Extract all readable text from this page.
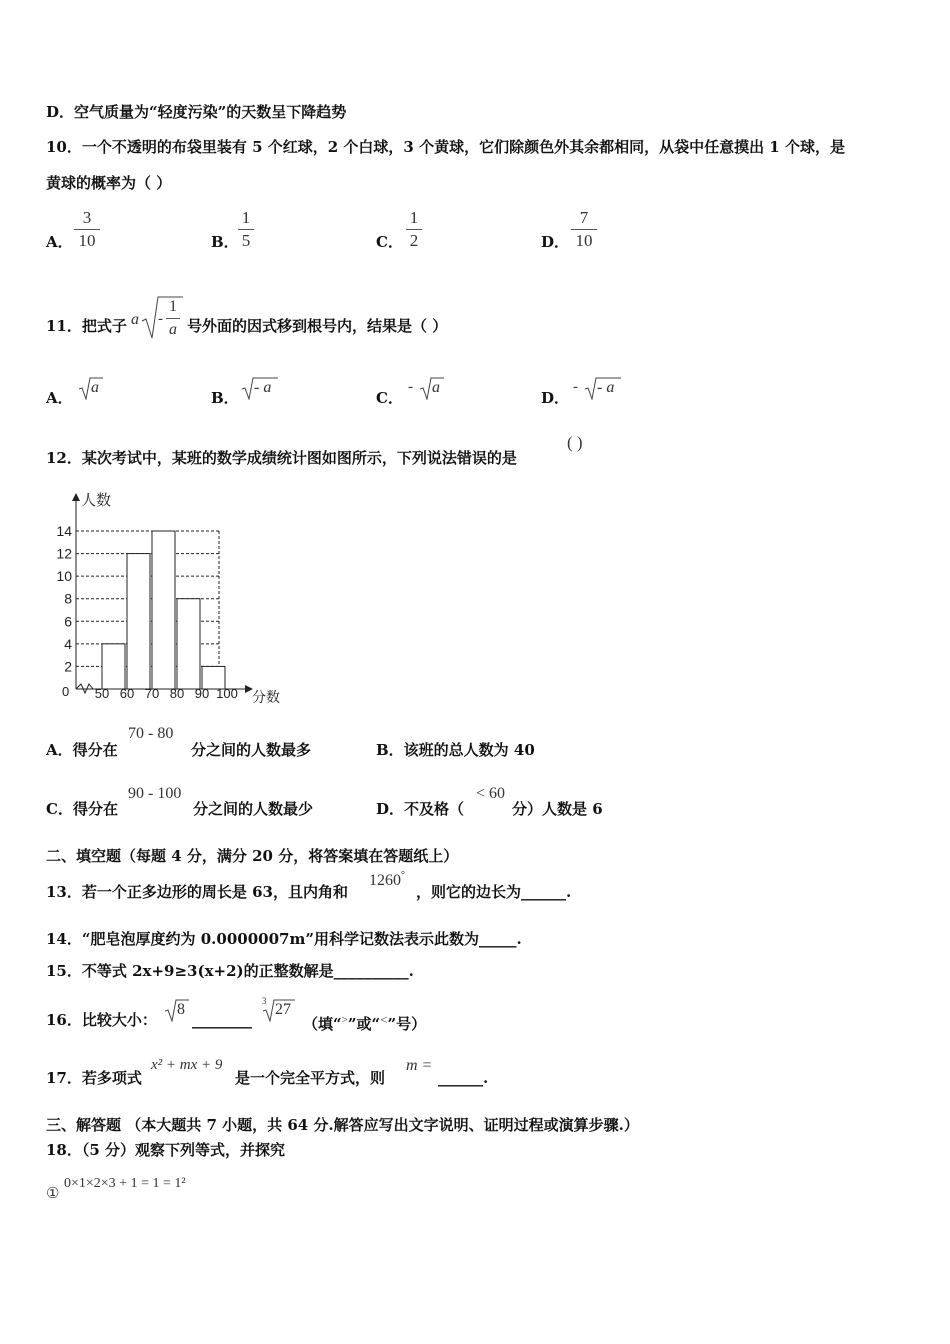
D．空气质量为“轻度污染”的天数呈下降趋势
10．一个不透明的布袋里装有 5 个红球，2 个白球，3 个黄球，它们除颜色外其余都相同，从袋中任意摸出 1 个球，是
黄球的概率为（ ）
A．
3
10	B．
1
5	C．
1
2	D．
7
10
11．把式子 a -
1
a 号外面的因式移到根号内，结果是（ ）
A．
a
B．
- a
C．
- a
D．
- - a
12．某次考试中，某班的数学成绩统计图如图所示，下列说法错误的是
( )
人数
分数
0
2
4
6
8
10
12
14
50 60 70 80 90 100
A．得分在
70 - 80
分之间的人数最多	B．该班的总人数为 40
C．得分在
90 - 100
分之间的人数最少	D．不及格（
< 60
分）人数是 6
二、填空题（每题 4 分，满分 20 分，将答案填在答题纸上）
13．若一个正多边形的周长是 63，且内角和
1260°
，则它的边长为______.
14．“肥皂泡厚度约为 0.0000007m”用科学记数法表示此数为_____.
15．不等式 2x+9≥3(x+2)的正整数解是__________.
16．比较大小：
8
________
3 27
（填“>”或“<”号）
17．若多项式
x² + mx + 9
是一个完全平方式，则
m =
______.
三、解答题 （本大题共 7 小题，共 64 分.解答应写出文字说明、证明过程或演算步骤.）
18．（5 分）观察下列等式，并探究
①
0×1×2×3 + 1 = 1 = 1²
